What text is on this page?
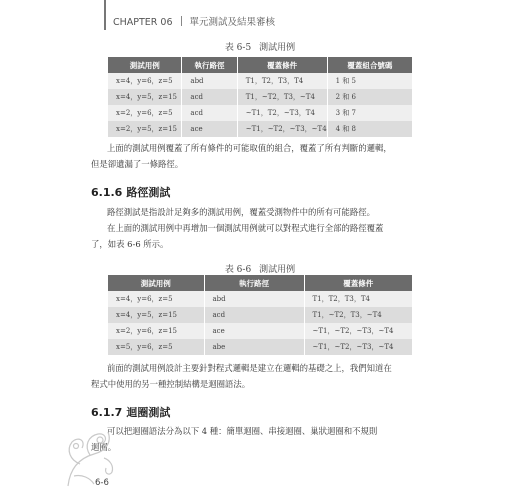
CHAPTER 06 單元測試及結果審核
表 6-5 測試用例
測試用例	執行路徑	覆蓋條件	覆蓋組合號碼
x=4，y=6，z=5	abd	T1，T2，T3，T4	1 和 5
x=4，y=5，z=15	acd	T1，~T2，T3，~T4	2 和 6
x=2，y=6，z=5	acd	~T1，T2，~T3，T4	3 和 7
x=2，y=5，z=15	ace	~T1，~T2，~T3，~T4	4 和 8
上面的測試用例覆蓋了所有條件的可能取值的組合，覆蓋了所有判斷的邏輯，
但是卻遺漏了一條路徑。
6.1.6 路徑測試
路徑測試是指設計足夠多的測試用例，覆蓋受測物件中的所有可能路徑。
在上面的測試用例中再增加一個測試用例就可以對程式進行全部的路徑覆蓋
了，如表 6-6 所示。
表 6-6 測試用例
測試用例	執行路徑	覆蓋條件
x=4，y=6，z=5	abd	T1，T2，T3，T4
x=4，y=5，z=15	acd	T1，~T2，T3，~T4
x=2，y=6，z=15	ace	~T1，~T2，~T3，~T4
x=5，y=6，z=5	abe	~T1，~T2，~T3，~T4
前面的測試用例設計主要針對程式邏輯是建立在邏輯的基礎之上，我們知道在
程式中使用的另一種控制結構是迴圈語法。
6.1.7 迴圈測試
可以把迴圈語法分為以下 4 種：簡單迴圈、串接迴圈、巢狀迴圈和不規則
迴圈。
6-6
